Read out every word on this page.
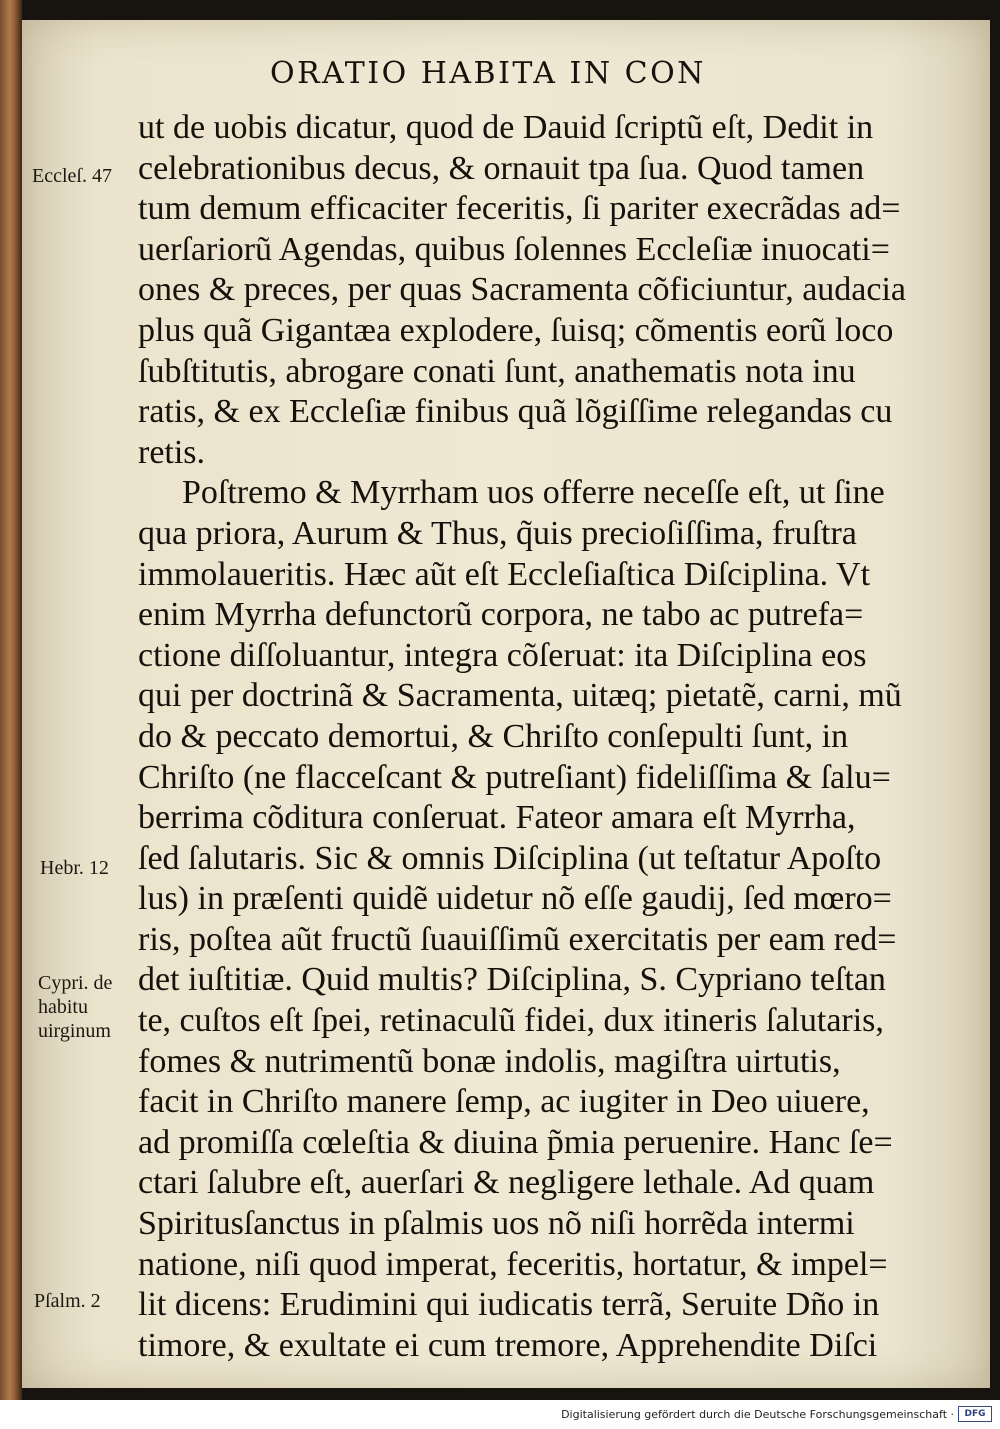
ORATIO HABITA IN CON
Eccleſ. 47
Hebr. 12
Cypri. de
habitu
uirginum
Pſalm. 2
ut de uobis dicatur, quod de Dauid ſcriptũ eſt, Dedit in
celebrationibus decus, & ornauit tpa ſua. Quod tamen
tum demum efficaciter feceritis, ſi pariter execrãdas ad=
uerſariorũ Agendas, quibus ſolennes Eccleſiæ inuocati=
ones & preces, per quas Sacramenta cõficiuntur, audacia
plus quã Gigantæa explodere, ſuisq; cõmentis eorũ loco
ſubſtitutis, abrogare conati ſunt, anathematis nota inu
ratis, & ex Eccleſiæ finibus quã lõgiſſime relegandas cu
retis.
Poſtremo & Myrrham uos offerre neceſſe eſt, ut ſine
qua priora, Aurum & Thus, q̃uis precioſiſſima, fruſtra
immolaueritis. Hæc aũt eſt Eccleſiaſtica Diſciplina. Vt
enim Myrrha defunctorũ corpora, ne tabo ac putrefa=
ctione diſſoluantur, integra cõſeruat: ita Diſciplina eos
qui per doctrinã & Sacramenta, uitæq; pietatẽ, carni, mũ
do & peccato demortui, & Chriſto conſepulti ſunt, in
Chriſto (ne flacceſcant & putreſiant) fideliſſima & ſalu=
berrima cõditura conſeruat. Fateor amara eſt Myrrha,
ſed ſalutaris. Sic & omnis Diſciplina (ut teſtatur Apoſto
lus) in præſenti quidẽ uidetur nõ eſſe gaudij, ſed mœro=
ris, poſtea aũt fructũ ſuauiſſimũ exercitatis per eam red=
det iuſtitiæ. Quid multis? Diſciplina, S. Cypriano teſtan
te, cuſtos eſt ſpei, retinaculũ fidei, dux itineris ſalutaris,
fomes & nutrimentũ bonæ indolis, magiſtra uirtutis,
facit in Chriſto manere ſemp, ac iugiter in Deo uiuere,
ad promiſſa cœleſtia & diuina p̃mia peruenire. Hanc ſe=
ctari ſalubre eſt, auerſari & negligere lethale. Ad quam
Spiritusſanctus in pſalmis uos nõ niſi horrẽda intermi
natione, niſi quod imperat, feceritis, hortatur, & impel=
lit dicens: Erudimini qui iudicatis terrã, Seruite Dño in
timore, & exultate ei cum tremore, Apprehendite Diſci
Digitalisierung gefördert durch die Deutsche Forschungsgemeinschaft ·	DFG
